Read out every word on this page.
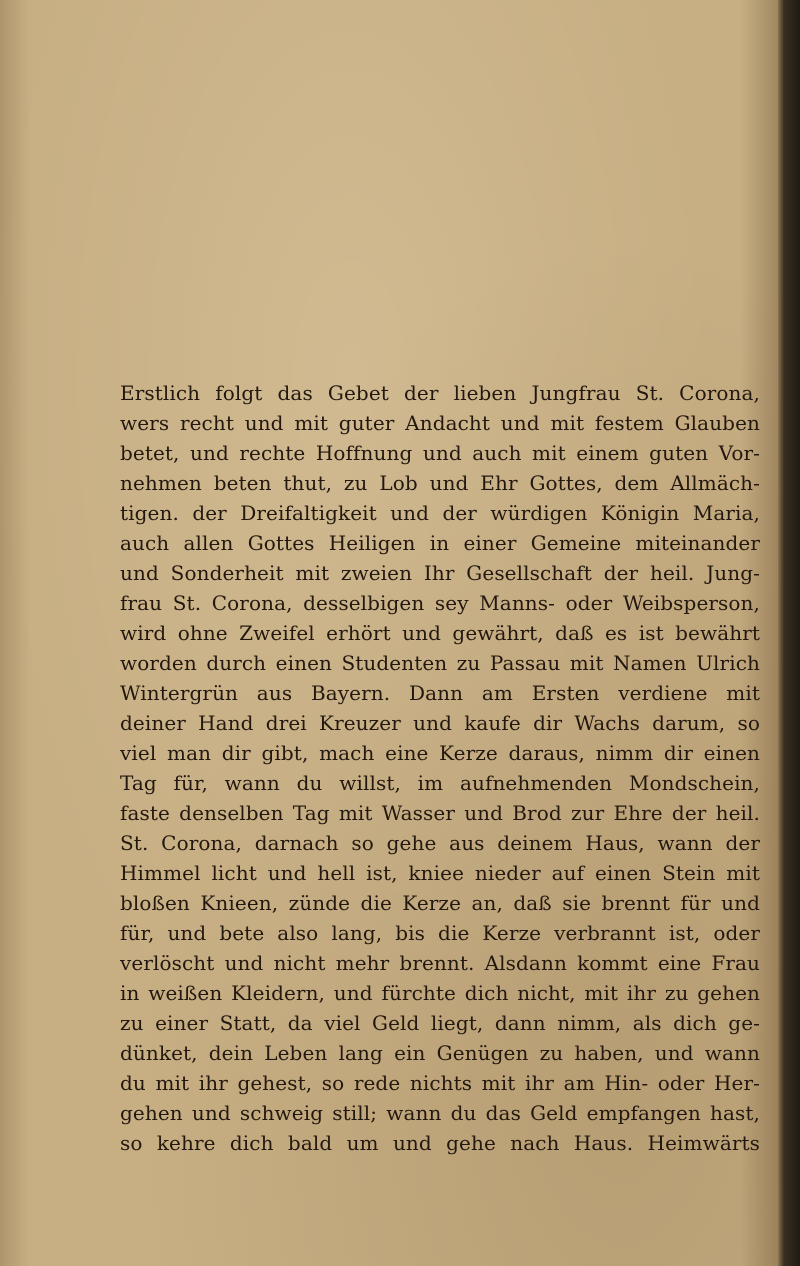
Erstlich folgt das Gebet der lieben Jungfrau St. Corona,
wers recht und mit guter Andacht und mit festem Glauben
betet, und rechte Hoffnung und auch mit einem guten Vor-
nehmen beten thut, zu Lob und Ehr Gottes, dem Allmäch-
tigen. der Dreifaltigkeit und der würdigen Königin Maria,
auch allen Gottes Heiligen in einer Gemeine miteinander
und Sonderheit mit zweien Ihr Gesellschaft der heil. Jung-
frau St. Corona, desselbigen sey Manns- oder Weibsperson,
wird ohne Zweifel erhört und gewährt, daß es ist bewährt
worden durch einen Studenten zu Passau mit Namen Ulrich
Wintergrün aus Bayern. Dann am Ersten verdiene mit
deiner Hand drei Kreuzer und kaufe dir Wachs darum, so
viel man dir gibt, mach eine Kerze daraus, nimm dir einen
Tag für, wann du willst, im aufnehmenden Mondschein,
faste denselben Tag mit Wasser und Brod zur Ehre der heil.
St. Corona, darnach so gehe aus deinem Haus, wann der
Himmel licht und hell ist, kniee nieder auf einen Stein mit
bloßen Knieen, zünde die Kerze an, daß sie brennt für und
für, und bete also lang, bis die Kerze verbrannt ist, oder
verlöscht und nicht mehr brennt. Alsdann kommt eine Frau
in weißen Kleidern, und fürchte dich nicht, mit ihr zu gehen
zu einer Statt, da viel Geld liegt, dann nimm, als dich ge-
dünket, dein Leben lang ein Genügen zu haben, und wann
du mit ihr gehest, so rede nichts mit ihr am Hin- oder Her-
gehen und schweig still; wann du das Geld empfangen hast,
so kehre dich bald um und gehe nach Haus. Heimwärts
